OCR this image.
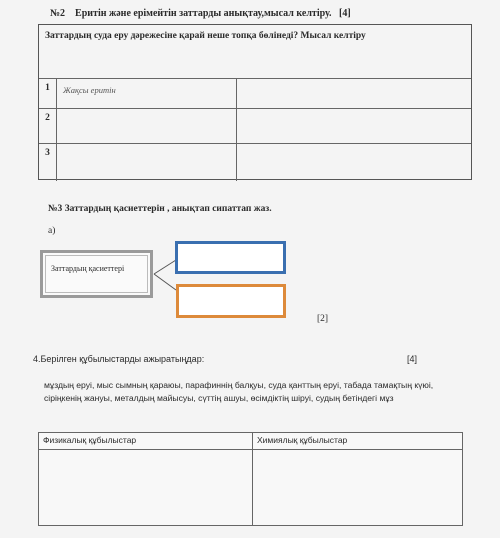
№2    Еритін және ерімейтін заттарды анықтау,мысал келтіру.   [4]
Заттардың суда еру дәрежесіне қарай неше топқа бөлінеді? Мысал келтіру
1	Жақсы еритін
2
3
№3 Заттардың қасиеттерін , анықтап сипаттап жаз.
а)
Заттардың қасиеттері
[2]
4.Берілген құбылыстарды ажыратыңдар:	[4]
мұздың еруі, мыс сымның қараюы, парафиннің балқуы, суда қанттың еруі, табада тамақтың күюі, сіріңкенің жануы, металдың майысуы, сүттің ашуы, өсімдіктің шіруі, судың бетіндегі мұз
Физикалық құбылыстар	Химиялық құбылыстар
